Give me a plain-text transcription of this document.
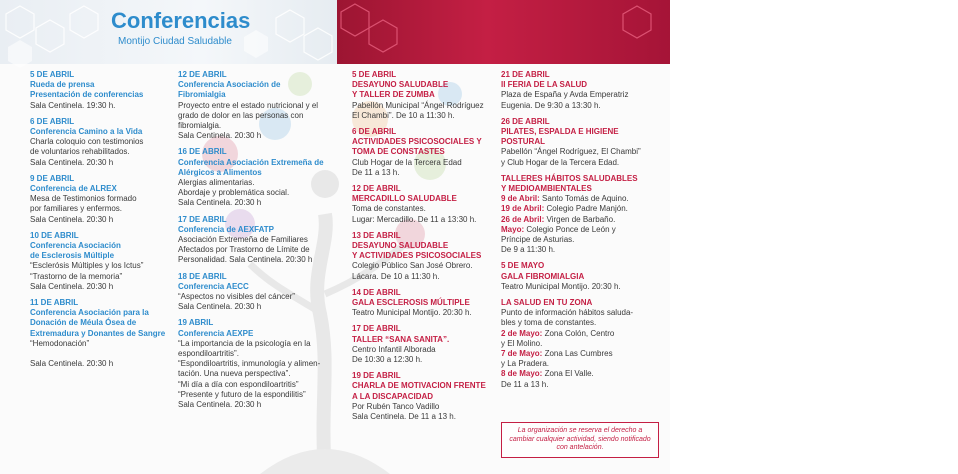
Conferencias
Montijo Ciudad Saludable
Actividades
Concejalía de Sanidad, Mayores y Bienestar Social
Escuela Profesional Montijo Te Cuida 2
5 DE ABRIL
Rueda de prensa
Presentación de conferencias
Sala Centinela. 19:30 h.
6 DE ABRIL
Conferencia Camino a la Vida
Charla coloquio con testimonios
de voluntarios rehabilitados.
Sala Centinela. 20:30 h
9 DE ABRIL
Conferencia de ALREX
Mesa de Testimonios formado
por familiares y enfermos.
Sala Centinela. 20:30 h
10 DE ABRIL
Conferencia Asociación
de Esclerosis Múltiple
“Esclerósis Múltiples y los Ictus”
“Trastorno de la memoria”
Sala Centinela. 20:30 h
11 DE ABRIL
Conferencia Asociación para la
Donación de Méula Ósea de
Extremadura y Donantes de Sangre
“Hemodonación”
Sala Centinela. 20:30 h
12 DE ABRIL
Conferencia Asociación de
Fibromialgia
Proyecto entre el estado nutricional y el
grado de dolor en las personas con
fibromialgia.
Sala Centinela. 20:30 h
16 DE ABRIL
Conferencia Asociación Extremeña de
Alérgicos a Alimentos
Alergias alimentarias.
Abordaje y problemática social.
Sala Centinela. 20:30 h
17 DE ABRIL
Conferencia de AEXFATP
Asociación Extremeña de Familiares
Afectados por Trastorno de Límite de
Personalidad. Sala Centinela. 20:30 h
18 DE ABRIL
Conferencia AECC
“Aspectos no visibles del cáncer”
Sala Centinela. 20:30 h
19 ABRIL
Conferencia AEXPE
“La importancia de la psicología en la
espondiloartritis”.
“Espondiloartritis, inmunología y alimen-
tación. Una nueva perspectiva”.
“Mi día a día con espondiloartritis”
“Presente y futuro de la espondilitis”
Sala Centinela. 20:30 h
5 DE ABRIL
DESAYUNO SALUDABLE
Y TALLER DE ZUMBA
Pabellón Municipal “Ángel Rodríguez
El Chambi”. De 10 a 11:30 h.
6 DE ABRIL
ACTIVIDADES PSICOSOCIALES Y
TOMA DE CONSTASTES
Club Hogar de la Tercera Edad
De 11 a 13 h.
12 DE ABRIL
MERCADILLO SALUDABLE
Toma de constantes.
Lugar: Mercadillo. De 11 a 13:30 h.
13 DE ABRIL
DESAYUNO SALUDABLE
Y ACTIVIDADES PSICOSOCIALES
Colegio Público San José Obrero.
Lácara. De 10 a 11:30 h.
14 DE ABRIL
GALA ESCLEROSIS MÚLTIPLE
Teatro Municipal Montijo. 20:30 h.
17 DE ABRIL
TALLER “SANA SANITA”.
Centro Infantil Alborada
De 10:30 a 12:30 h.
19 DE ABRIL
CHARLA DE MOTIVACION FRENTE
A LA DISCAPACIDAD
Por Rubén Tanco Vadillo
Sala Centinela. De 11 a 13 h.
21 DE ABRIL
II FERIA DE LA SALUD
Plaza de España y Avda Emperatriz
Eugenia. De 9:30 a 13:30 h.
26 DE ABRIL
PILATES, ESPALDA E HIGIENE
POSTURAL
Pabellón “Ángel Rodríguez, El Chambi”
y Club Hogar de la Tercera Edad.
TALLERES HÁBITOS SALUDABLES
Y MEDIOAMBIENTALES
9 de Abril: Santo Tomás de Aquino.
19 de Abril: Colegio Padre Manjón.
26 de Abril: Virgen de Barbaño.
Mayo: Colegio Ponce de León y
Príncipe de Asturias.
De 9 a 11:30 h.
5 DE MAYO
GALA FIBROMIALGIA
Teatro Municipal Montijo. 20:30 h.
LA SALUD EN TU ZONA
Punto de información hábitos saluda-
bles y toma de constantes.
2 de Mayo: Zona Colón, Centro
y El Molino.
7 de Mayo: Zona Las Cumbres
y La Pradera.
8 de Mayo: Zona El Valle.
De 11 a 13 h.
La organización se reserva el derecho a cambiar cualquier actividad, siendo notificado con antelación.
